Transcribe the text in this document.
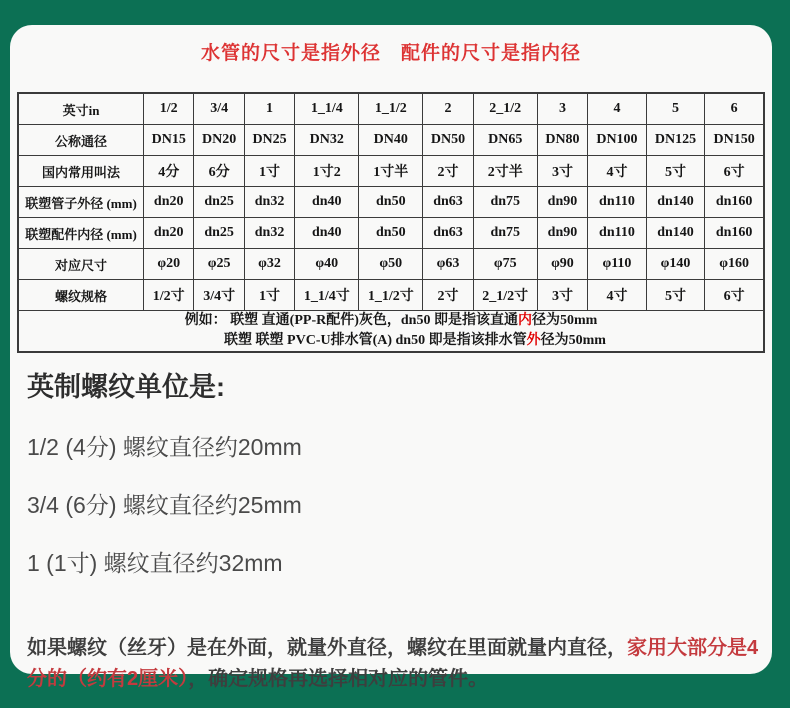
水管的尺寸是指外径　配件的尺寸是指内径
英寸in	1/2	3/4	1	1_1/4	1_1/2	2	2_1/2	3	4	5	6
公称通径	DN15	DN20	DN25	DN32	DN40	DN50	DN65	DN80	DN100	DN125	DN150
国内常用叫法	4分	6分	1寸	1寸2	1寸半	2寸	2寸半	3寸	4寸	5寸	6寸
联塑管子外径 (mm)	dn20	dn25	dn32	dn40	dn50	dn63	dn75	dn90	dn110	dn140	dn160
联塑配件内径 (mm)	dn20	dn25	dn32	dn40	dn50	dn63	dn75	dn90	dn110	dn140	dn160
对应尺寸	φ20	φ25	φ32	φ40	φ50	φ63	φ75	φ90	φ110	φ140	φ160
螺纹规格	1/2寸	3/4寸	1寸	1_1/4寸	1_1/2寸	2寸	2_1/2寸	3寸	4寸	5寸	6寸

例如： 联塑 直通(PP-R配件)灰色，dn50 即是指该直通内径为50mm
联塑 联塑 PVC-U排水管(A) dn50 即是指该排水管外径为50mm											
英制螺纹单位是:
1/2 (4分) 螺纹直径约20mm
3/4 (6分) 螺纹直径约25mm
1 (1寸) 螺纹直径约32mm
如果螺纹（丝牙）是在外面，就量外直径，螺纹在里面就量内直径，家用大部分是4分的（约有2厘米），确定规格再选择相对应的管件。
